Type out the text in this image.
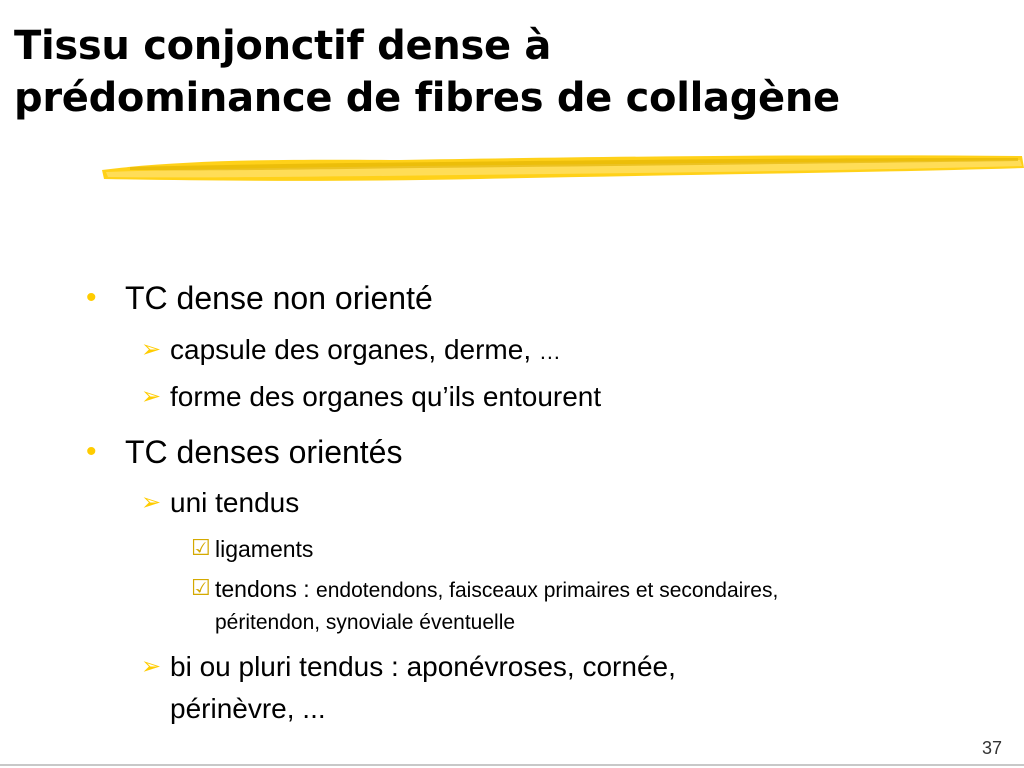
Tissu conjonctif dense à
prédominance de fibres de collagène
• TC dense non orienté
➢ capsule des organes, derme, …
➢ forme des organes qu’ils entourent
• TC denses orientés
➢ uni tendus
☑ ligaments
☑ tendons : endotendons, faisceaux primaires et secondaires,
péritendon, synoviale éventuelle
➢ bi ou pluri tendus : aponévroses, cornée,
périnèvre, ...
37
